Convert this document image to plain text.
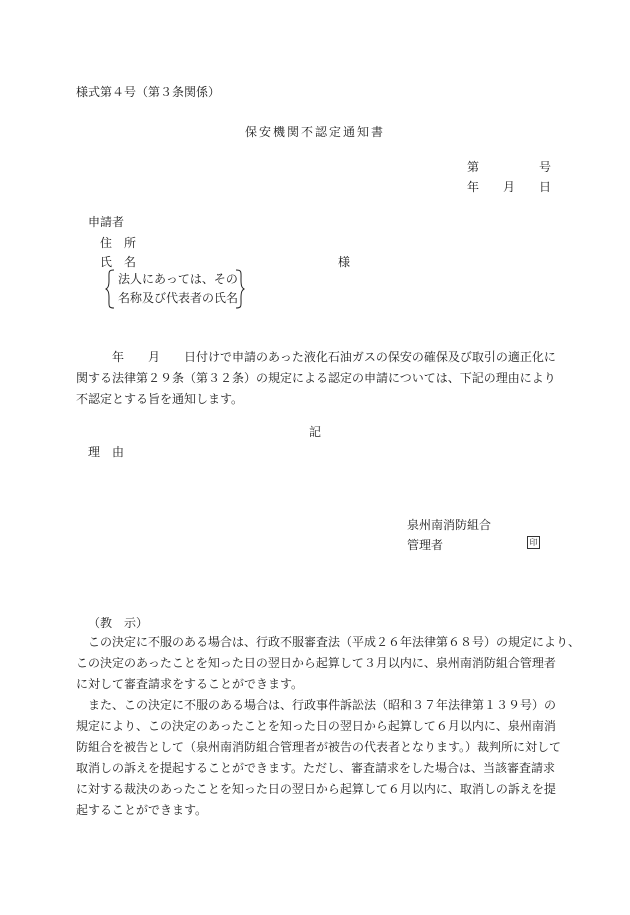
様式第４号（第３条関係）
保安機関不認定通知書
第　　　　　号
年　　月　　日
申請者
住　所
氏　名	様
法人にあっては、その
名称及び代表者の氏名
　　　年　　月　　日付けで申請のあった液化石油ガスの保安の確保及び取引の適正化に
関する法律第２９条（第３２条）の規定による認定の申請については、下記の理由により
不認定とする旨を通知します。
記
理　由
泉州南消防組合
管理者	印
（教　示）
この決定に不服のある場合は、行政不服審査法（平成２６年法律第６８号）の規定により、
この決定のあったことを知った日の翌日から起算して３月以内に、泉州南消防組合管理者
に対して審査請求をすることができます。
また、この決定に不服のある場合は、行政事件訴訟法（昭和３７年法律第１３９号）の
規定により、この決定のあったことを知った日の翌日から起算して６月以内に、泉州南消
防組合を被告として（泉州南消防組合管理者が被告の代表者となります。）裁判所に対して
取消しの訴えを提起することができます。ただし、審査請求をした場合は、当該審査請求
に対する裁決のあったことを知った日の翌日から起算して６月以内に、取消しの訴えを提
起することができます。
